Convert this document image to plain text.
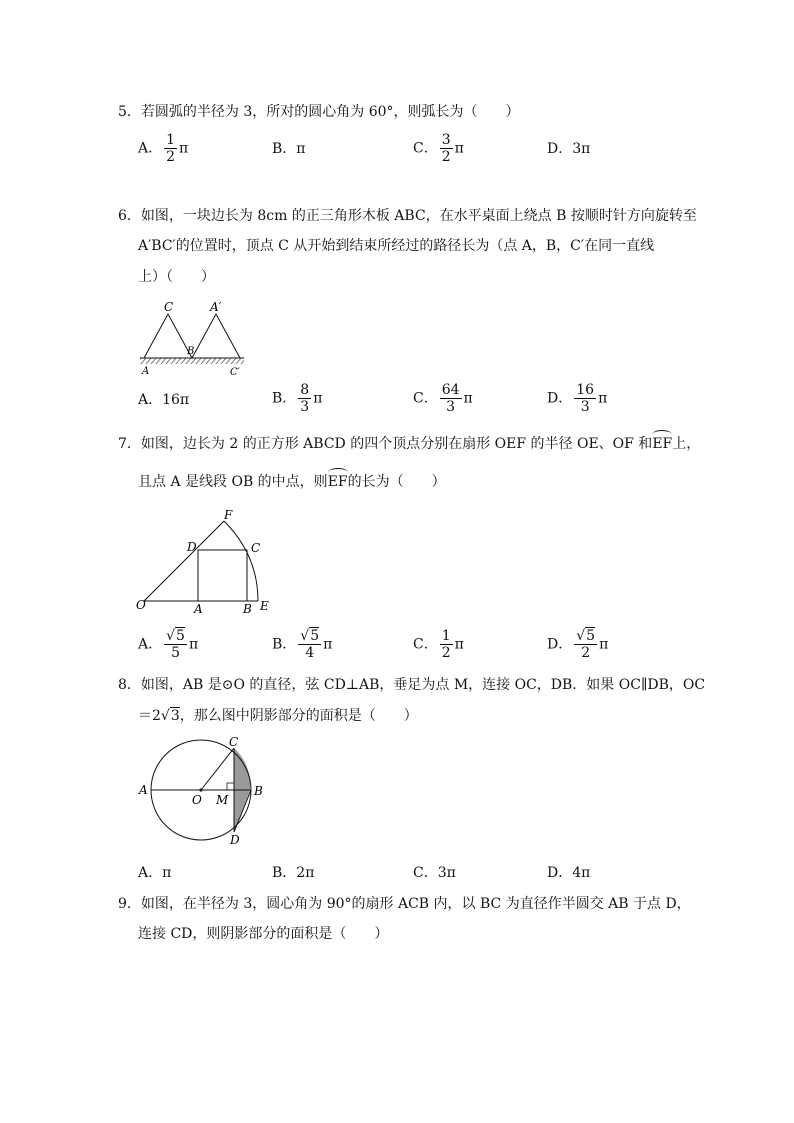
5．若圆弧的半径为 3，所对的圆心角为 60°，则弧长为（　　）
A． $\frac{1}{2}$ π	B．π	C． $\frac{3}{2}$ π	D．3π
6．如图，一块边长为 8cm 的正三角形木板 ABC，在水平桌面上绕点 B 按顺时针方向旋转至
A′BC′的位置时，顶点 C 从开始到结束所经过的路径长为（点 A，B，C′在同一直线
上）（　　）
C	A′
B
A	C′
A．16π	B． $\frac{8}{3}$ π	C． $\frac{64}{3}$ π	D． $\frac{16}{3}$ π
7．如图，边长为 2 的正方形 ABCD 的四个顶点分别在扇形 OEF 的半径 OE、OF 和EF上，
且点 A 是线段 OB 的中点，则EF的长为（　　）
F
D	C
O	A	B E
A． $\frac{√5}{5}$ π	B． $\frac{√5}{4}$ π	C． $\frac{1}{2}$ π	D． $\frac{√5}{2}$ π
8．如图，AB 是⊙O 的直径，弦 CD⊥AB，垂足为点 M，连接 OC，DB．如果 OC∥DB，OC
＝2√3，那么图中阴影部分的面积是（　　）
C
A
O M
B
D
A．π	B．2π	C．3π	D．4π
9．如图，在半径为 3，圆心角为 90°的扇形 ACB 内，以 BC 为直径作半圆交 AB 于点 D，
连接 CD，则阴影部分的面积是（　　）
